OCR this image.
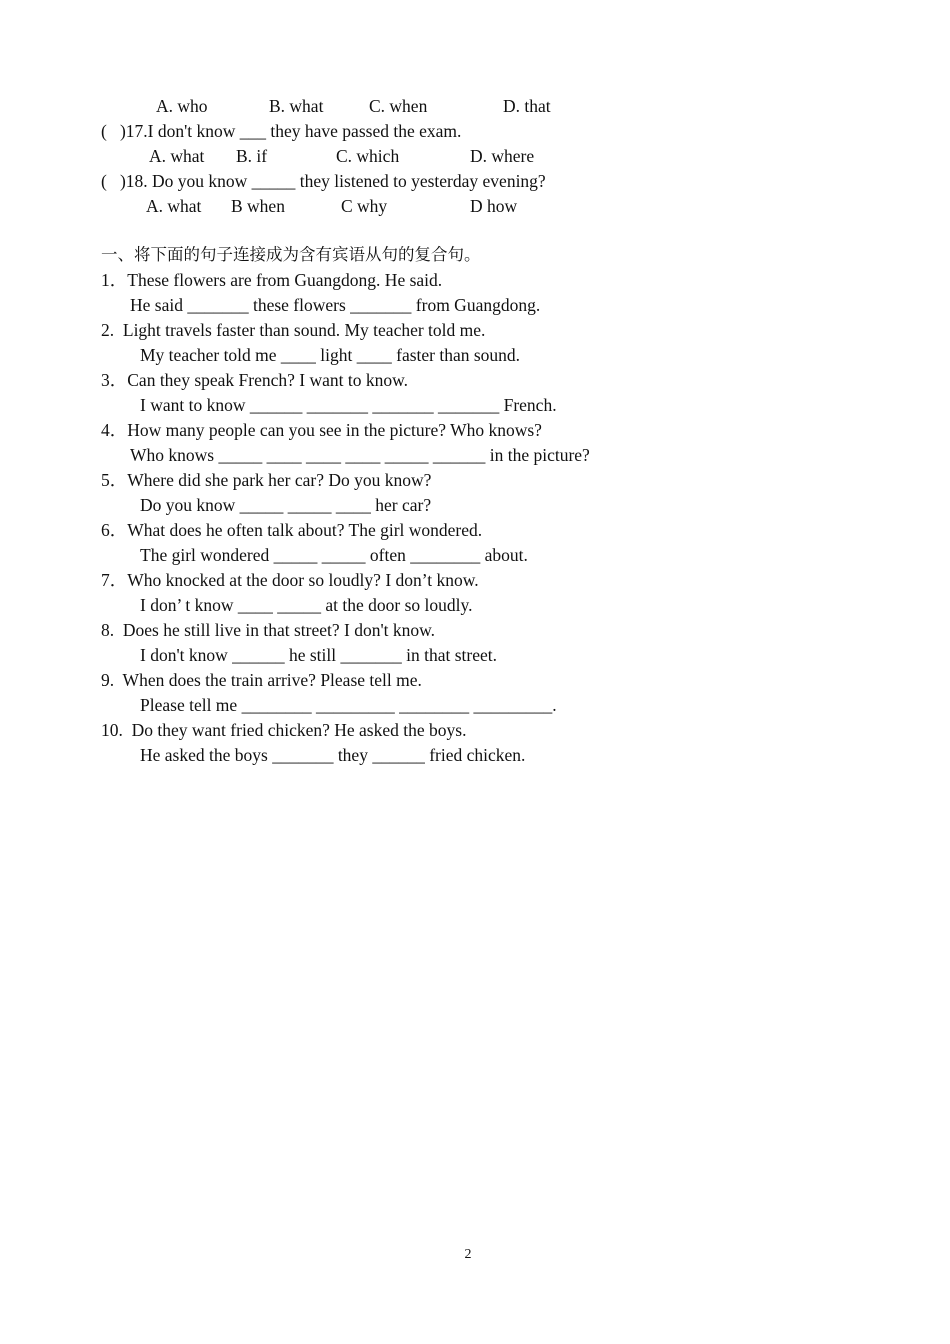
A. who	B. what	C. when	D. that
(   )17.I don't know ___ they have passed the exam.
A. what B. if	C. which	D. where
(   )18. Do you know _____ they listened to yesterday evening?
A. what B when	C why	D how
一、将下面的句子连接成为含有宾语从句的复合句。
1．These flowers are from Guangdong. He said.
He said _______ these flowers _______ from Guangdong.
2.  Light travels faster than sound. My teacher told me.
My teacher told me ____ light ____ faster than sound.
3．Can they speak French? I want to know.
I want to know ______ _______ _______ _______ French.
4．How many people can you see in the picture? Who knows?
Who knows _____ ____ ____ ____ _____ ______ in the picture?
5．Where did she park her car? Do you know?
Do you know _____ _____ ____ her car?
6．What does he often talk about? The girl wondered.
The girl wondered _____ _____ often ________ about.
7．Who knocked at the door so loudly? I don’t know.
I don’ t know ____ _____ at the door so loudly.
8.  Does he still live in that street? I don't know.
I don't know ______ he still _______ in that street.
9.  When does the train arrive? Please tell me.
Please tell me ________ _________ ________ _________.
10.  Do they want fried chicken? He asked the boys.
He asked the boys _______ they ______ fried chicken.
2
